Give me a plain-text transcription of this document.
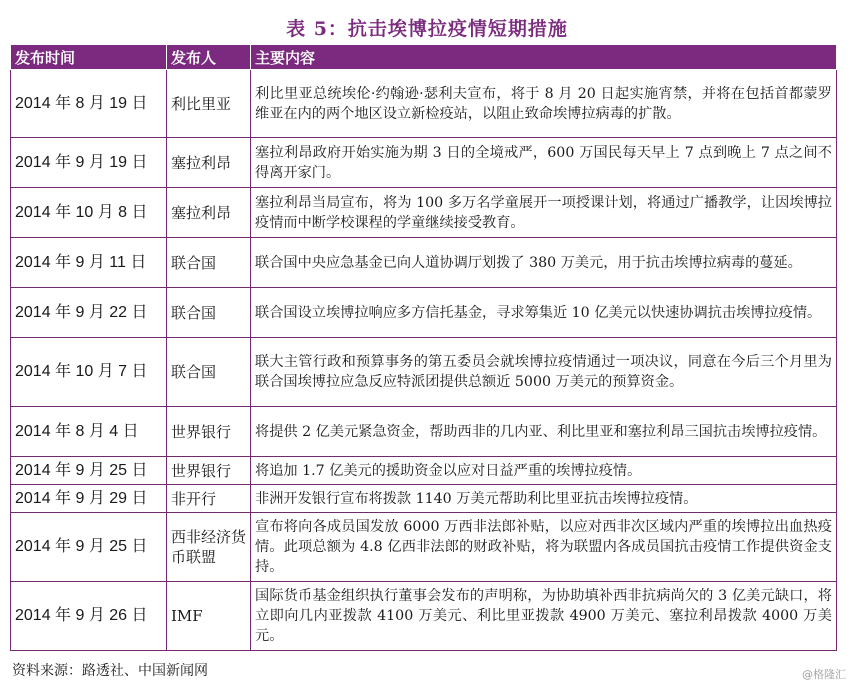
表 5：抗击埃博拉疫情短期措施
发布时间	发布人	主要内容
2014 年 8 月 19 日	利比里亚	利比里亚总统埃伦·约翰逊·瑟利夫宣布，将于 8 月 20 日起实施宵禁，并将在包括首都蒙罗维亚在内的两个地区设立新检疫站，以阻止致命埃博拉病毒的扩散。
2014 年 9 月 19 日	塞拉利昂	塞拉利昂政府开始实施为期 3 日的全境戒严，600 万国民每天早上 7 点到晚上 7 点之间不得离开家门。
2014 年 10 月 8 日	塞拉利昂	塞拉利昂当局宣布，将为 100 多万名学童展开一项授课计划，将通过广播教学，让因埃博拉疫情而中断学校课程的学童继续接受教育。
2014 年 9 月 11 日	联合国	联合国中央应急基金已向人道协调厅划拨了 380 万美元，用于抗击埃博拉病毒的蔓延。
2014 年 9 月 22 日	联合国	联合国设立埃博拉响应多方信托基金，寻求筹集近 10 亿美元以快速协调抗击埃博拉疫情。
2014 年 10 月 7 日	联合国	联大主管行政和预算事务的第五委员会就埃博拉疫情通过一项决议，同意在今后三个月里为联合国埃博拉应急反应特派团提供总额近 5000 万美元的预算资金。
2014 年 8 月 4 日	世界银行	将提供 2 亿美元紧急资金，帮助西非的几内亚、利比里亚和塞拉利昂三国抗击埃博拉疫情。
2014 年 9 月 25 日	世界银行	将追加 1.7 亿美元的援助资金以应对日益严重的埃博拉疫情。
2014 年 9 月 29 日	非开行	非洲开发银行宣布将拨款 1140 万美元帮助利比里亚抗击埃博拉疫情。
2014 年 9 月 25 日	西非经济货币联盟	宣布将向各成员国发放 6000 万西非法郎补贴，以应对西非次区域内严重的埃博拉出血热疫情。此项总额为 4.8 亿西非法郎的财政补贴，将为联盟内各成员国抗击疫情工作提供资金支持。
2014 年 9 月 26 日	IMF	国际货币基金组织执行董事会发布的声明称，为协助填补西非抗病尚欠的 3 亿美元缺口，将立即向几内亚拨款 4100 万美元、利比里亚拨款 4900 万美元、塞拉利昂拨款 4000 万美元。
资料来源：路透社、中国新闻网	@格隆汇
